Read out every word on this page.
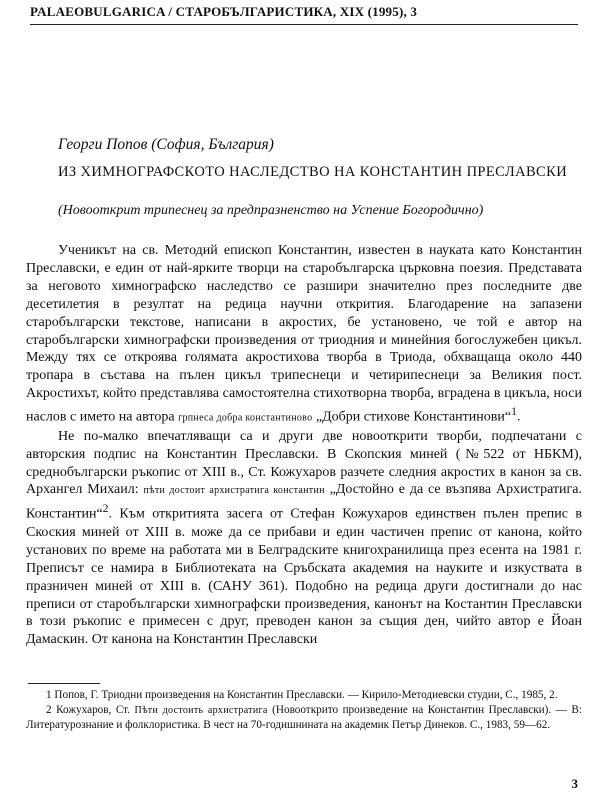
PALAEOBULGARICA / СТАРОБЪЛГАРИСТИКА, XIX (1995), 3
Георги Попов (София, България)
ИЗ ХИМНОГРАФСКОТО НАСЛЕДСТВО НА КОНСТАНТИН ПРЕСЛАВСКИ
(Новооткрит трипеснец за предпразненство на Успение Богородично)

Ученикът на св. Методий епископ Константин, известен в науката като Константин Преславски, е един от най-ярките творци на старобългарска църковна поезия. Представата за неговото химнографско наследство се разшири значително през последните две десетилетия в резултат на редица научни открития. Благодарение на запазени старобългарски текстове, написани в акростих, бе установено, че той е автор на старобългарски химнографски произведения от триодния и минейния богослужебен цикъл. Между тях се откроява голямата акростихова творба в Триода, обхващаща около 440 тропара в състава на пълен цикъл трипеснеци и четирипеснеци за Великия пост. Акростихът, който представлява самостоятелна стихотворна творба, вградена в цикъла, носи наслов с името на автора грпнеса добра константиново „Добри стихове Константинови“$^1$.

Не по-малко впечатляващи са и други две новооткрити творби, подпечатани с авторския подпис на Константин Преславски. В Скопския миней (№522 от НБКМ), среднобългарски ръкопис от XIII в., Ст. Кожухаров разчете следния акростих в канон за св. Архангел Михаил: пѣти достоит архистратига константин „Достойно е да се възпява Архистратига. Константин“$^2$. Към откритията засега от Стефан Кожухаров единствен пълен препис в Скоския миней от XIII в. може да се прибави и един частичен препис от канона, който установих по време на работата ми в Белградските книгохранилища през есента на 1981 г. Преписът се намира в Библиотеката на Сръбската академия на науките и изкуствата в празничен миней от XIII в. (САНУ 361). Подобно на редица други достигнали до нас преписи от старобългарски химнографски произведения, канонът на Костантин Преславски в този ръкопис е примесен с друг, преводен канон за същия ден, чийто автор е Йоан Дамаскин. От канона на Константин Преславски

1 Попов, Г. Триодни произведения на Константин Преславски. — Кирило-Методиевски студии, С., 1985, 2.

2 Кожухаров, Ст. Пѣти достоить архистратига (Новооткрито произведение на Константин Преславски). — В: Литературознание и фолклористика. В чест на 70-годишнината на академик Петър Динеков. С., 1983, 59—62.

3
